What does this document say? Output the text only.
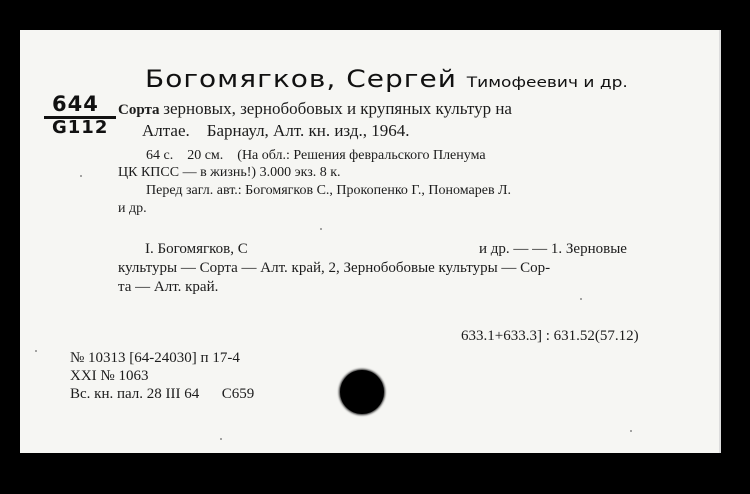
Богомягков, Сергей Тимофеевич и др.
644
G112
Сорта зерновых, зернобобовых и крупяных культур на
Алтае.    Барнаул, Алт. кн. изд., 1964.
64 с.    20 см.    (На обл.: Решения февральского Пленума
ЦК КПСС — в жизнь!) 3.000 экз. 8 к.
Перед загл. авт.: Богомягков С., Прокопенко Г., Пономарев Л.
и др.
I. Богомягков, С	и др. — — 1. Зерновые
культуры — Сорта — Алт. край, 2, Зернобобовые культуры — Сор-
та — Алт. край.
633.1+633.3] : 631.52(57.12)
№ 10313 [64-24030] п 17-4
XXI № 1063
Вс. кн. пал. 28 III 64      С659
